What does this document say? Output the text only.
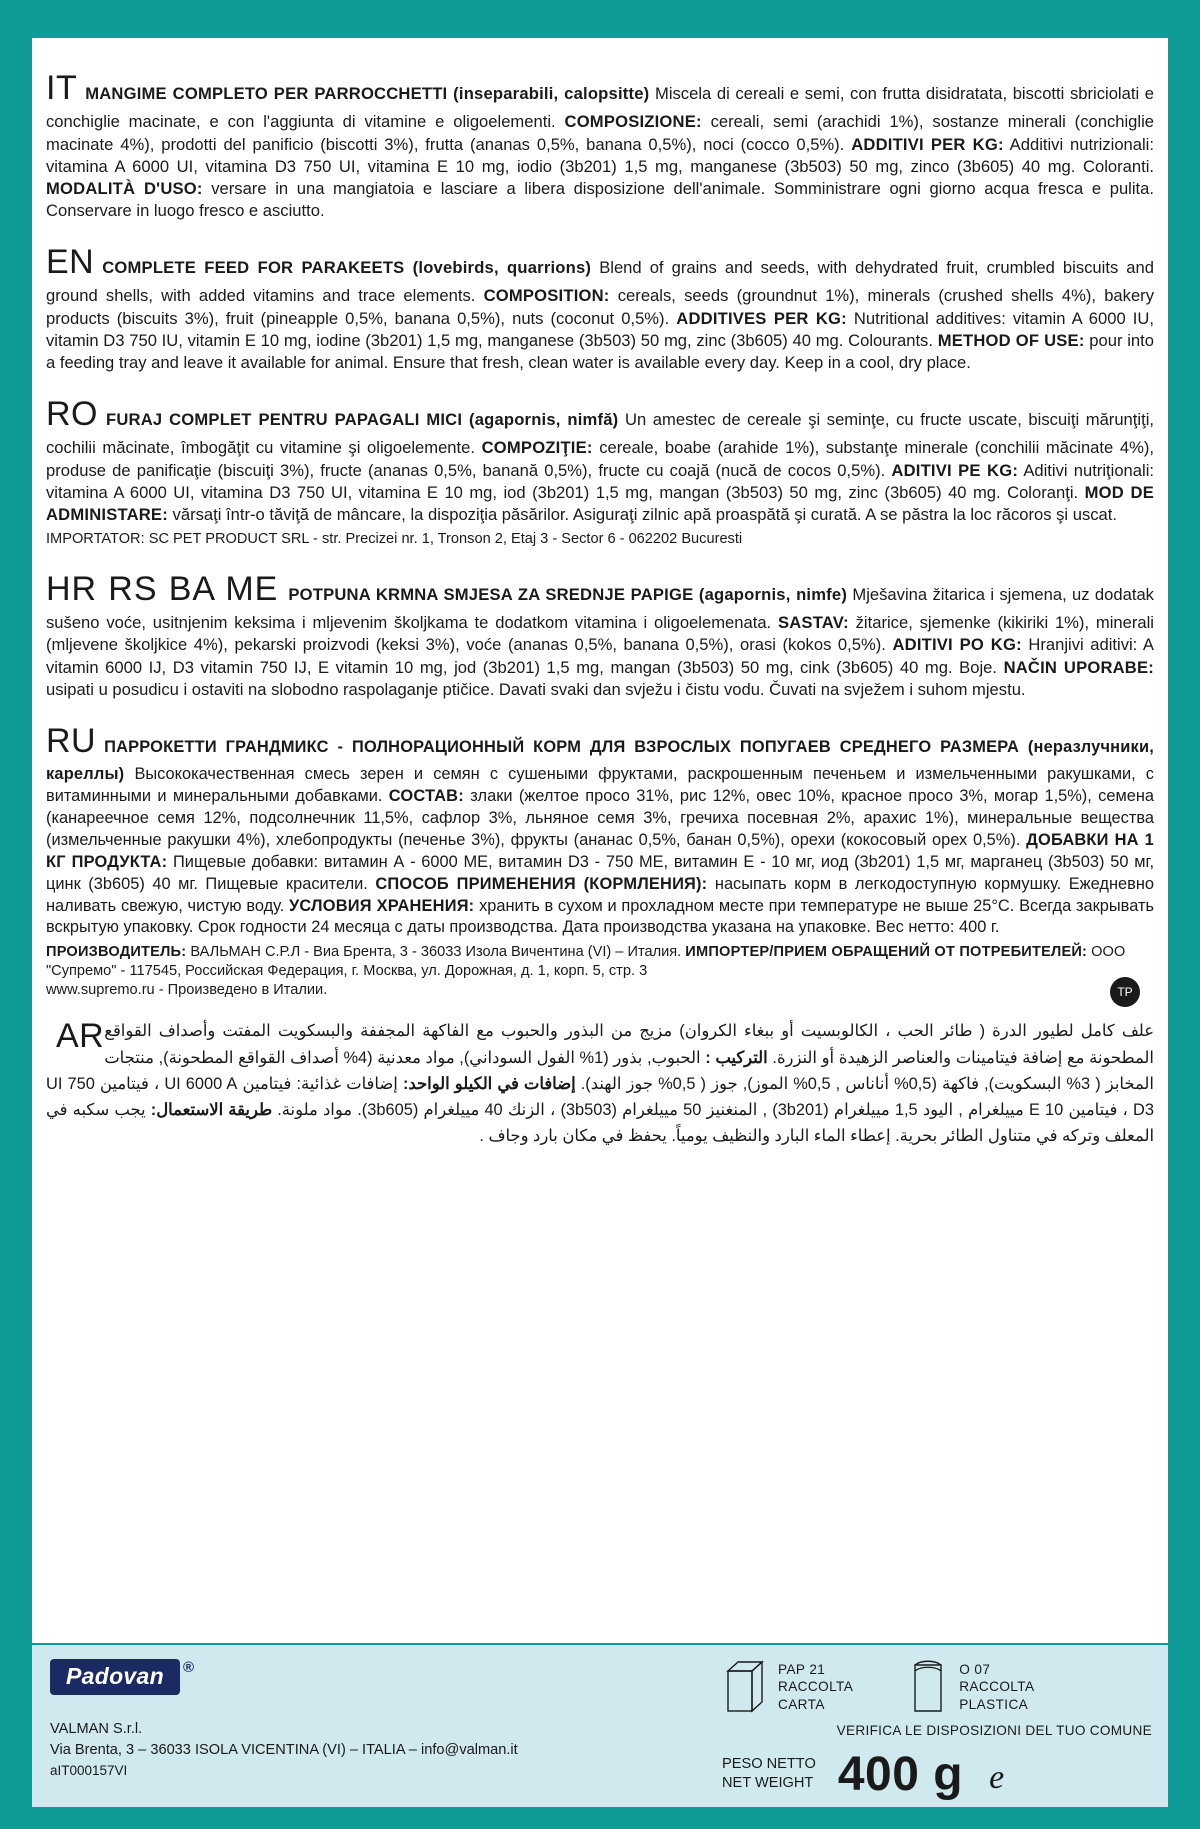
IT MANGIME COMPLETO PER PARROCCHETTI (inseparabili, calopsitte) Miscela di cereali e semi, con frutta disidratata, biscotti sbriciolati e conchiglie macinate, e con l'aggiunta di vitamine e oligoelementi. COMPOSIZIONE: cereali, semi (arachidi 1%), sostanze minerali (conchiglie macinate 4%), prodotti del panificio (biscotti 3%), frutta (ananas 0,5%, banana 0,5%), noci (cocco 0,5%). ADDITIVI PER KG: Additivi nutrizionali: vitamina A 6000 UI, vitamina D3 750 UI, vitamina E 10 mg, iodio (3b201) 1,5 mg, manganese (3b503) 50 mg, zinco (3b605) 40 mg. Coloranti. MODALITÀ D'USO: versare in una mangiatoia e lasciare a libera disposizione dell'animale. Somministrare ogni giorno acqua fresca e pulita. Conservare in luogo fresco e asciutto.
EN COMPLETE FEED FOR PARAKEETS (lovebirds, quarrions) Blend of grains and seeds, with dehydrated fruit, crumbled biscuits and ground shells, with added vitamins and trace elements. COMPOSITION: cereals, seeds (groundnut 1%), minerals (crushed shells 4%), bakery products (biscuits 3%), fruit (pineapple 0,5%, banana 0,5%), nuts (coconut 0,5%). ADDITIVES PER KG: Nutritional additives: vitamin A 6000 IU, vitamin D3 750 IU, vitamin E 10 mg, iodine (3b201) 1,5 mg, manganese (3b503) 50 mg, zinc (3b605) 40 mg. Colourants. METHOD OF USE: pour into a feeding tray and leave it available for animal. Ensure that fresh, clean water is available every day. Keep in a cool, dry place.
RO FURAJ COMPLET PENTRU PAPAGALI MICI (agapornis, nimfă) Un amestec de cereale şi seminţe, cu fructe uscate, biscuiţi mărunţiţi, cochilii măcinate, îmbogăţit cu vitamine şi oligoelemente. COMPOZIŢIE: cereale, boabe (arahide 1%), substanţe minerale (conchilii măcinate 4%), produse de panificaţie (biscuiţi 3%), fructe (ananas 0,5%, banană 0,5%), fructe cu coajă (nucă de cocos 0,5%). ADITIVI PE KG: Aditivi nutriţionali: vitamina A 6000 UI, vitamina D3 750 UI, vitamina E 10 mg, iod (3b201) 1,5 mg, mangan (3b503) 50 mg, zinc (3b605) 40 mg. Coloranţi. MOD DE ADMINISTARE: vărsaţi într-o tăviţă de mâncare, la dispoziţia păsărilor. Asiguraţi zilnic apă proaspătă şi curată. A se păstra la loc răcoros şi uscat.
IMPORTATOR: SC PET PRODUCT SRL - str. Precizei nr. 1, Tronson 2, Etaj 3 - Sector 6 - 062202 Bucuresti
HR RS BA ME POTPUNA KRMNA SMJESA ZA SREDNJE PAPIGE (agapornis, nimfe) Mješavina žitarica i sjemena, uz dodatak sušeno voće, usitnjenim keksima i mljevenim školjkama te dodatkom vitamina i oligoelemenata. SASTAV: žitarice, sjemenke (kikiriki 1%), minerali (mljevene školjkice 4%), pekarski proizvodi (keksi 3%), voće (ananas 0,5%, banana 0,5%), orasi (kokos 0,5%). ADITIVI PO KG: Hranjivi aditivi: A vitamin 6000 IJ, D3 vitamin 750 IJ, E vitamin 10 mg, jod (3b201) 1,5 mg, mangan (3b503) 50 mg, cink (3b605) 40 mg. Boje. NAČIN UPORABE: usipati u posudicu i ostaviti na slobodno raspolaganje ptičice. Davati svaki dan svježu i čistu vodu. Čuvati na svježem i suhom mjestu.
RU ПАРРОКЕТТИ ГРАНДМИКС - ПОЛНОРАЦИОННЫЙ КОРМ ДЛЯ ВЗРОСЛЫХ ПОПУГАЕВ СРЕДНЕГО РАЗМЕРА (неразлучники, кареллы) Высококачественная смесь зерен и семян с сушеными фруктами, раскрошенным печеньем и измельченными ракушками, с витаминными и минеральными добавками. СОСТАВ: злаки (желтое просо 31%, рис 12%, овес 10%, красное просо 3%, могар 1,5%), семена (канареечное семя 12%, подсолнечник 11,5%, сафлор 3%, льняное семя 3%, гречиха посевная 2%, арахис 1%), минеральные вещества (измельченные ракушки 4%), хлебопродукты (печенье 3%), фрукты (ананас 0,5%, банан 0,5%), орехи (кокосовый орех 0,5%). ДОБАВКИ НА 1 КГ ПРОДУКТА: Пищевые добавки: витамин А - 6000 МЕ, витамин D3 - 750 МЕ, витамин Е - 10 мг, иод (3b201) 1,5 мг, марганец (3b503) 50 мг, цинк (3b605) 40 мг. Пищевые красители. СПОСОБ ПРИМЕНЕНИЯ (КОРМЛЕНИЯ): насыпать корм в легкодоступную кормушку. Ежедневно наливать свежую, чистую воду. УСЛОВИЯ ХРАНЕНИЯ: хранить в сухом и прохладном месте при температуре не выше 25°С. Всегда закрывать вскрытую упаковку. Срок годности 24 месяца с даты производства. Дата производства указана на упаковке. Вес нетто: 400 г.
ПРОИЗВОДИТЕЛЬ: ВАЛЬМАН С.Р.Л - Виа Брента, 3 - 36033 Изола Вичентина (VI) – Италия. ИМПОРТЕР/ПРИЕМ ОБРАЩЕНИЙ ОТ ПОТРЕБИТЕЛЕЙ: ООО "Супремо" - 117545, Российская Федерация, г. Москва, ул. Дорожная, д. 1, корп. 5, стр. 3
www.supremo.ru - Произведено в Италии.	ТР
AR علف كامل لطيور الدرة ( طائر الحب ، الكالوبسيت أو ببغاء الكروان) مزيج من البذور والحبوب مع الفاكهة المجففة والبسكويت المفتت وأصداف القواقع المطحونة مع إضافة فيتامينات والعناصر الزهيدة أو النزرة. التركيب : الحبوب, بذور (1% الفول السوداني), مواد معدنية (4% أصداف القواقع المطحونة), منتجات المخابز ( 3% البسكويت), فاكهة (0,5% أناناس , 0,5% الموز), جوز ( 0,5% جوز الهند). إضافات في الكيلو الواحد: إضافات غذائية: فيتامين UI 6000 A ، فيتامين UI 750 D3 ، فيتامين E 10 مييلغرام , اليود 1,5 مييلغرام (3b201) , المنغنيز 50 مييلغرام (3b503) ، الزنك 40 مييلغرام (3b605). مواد ملونة. طريقة الاستعمال: يجب سكبه في المعلف وتركه في متناول الطائر بحرية. إعطاء الماء البارد والنظيف يومياً. يحفظ في مكان بارد وجاف .
Padovan ®
VALMAN S.r.l.
Via Brenta, 3 – 36033 ISOLA VICENTINA (VI) – ITALIA – info@valman.it
aIT000157VI
PAP 21
RACCOLTA
CARTA
O 07
RACCOLTA
PLASTICA
VERIFICA LE DISPOSIZIONI DEL TUO COMUNE
PESO NETTO
NET WEIGHT 400 g e
